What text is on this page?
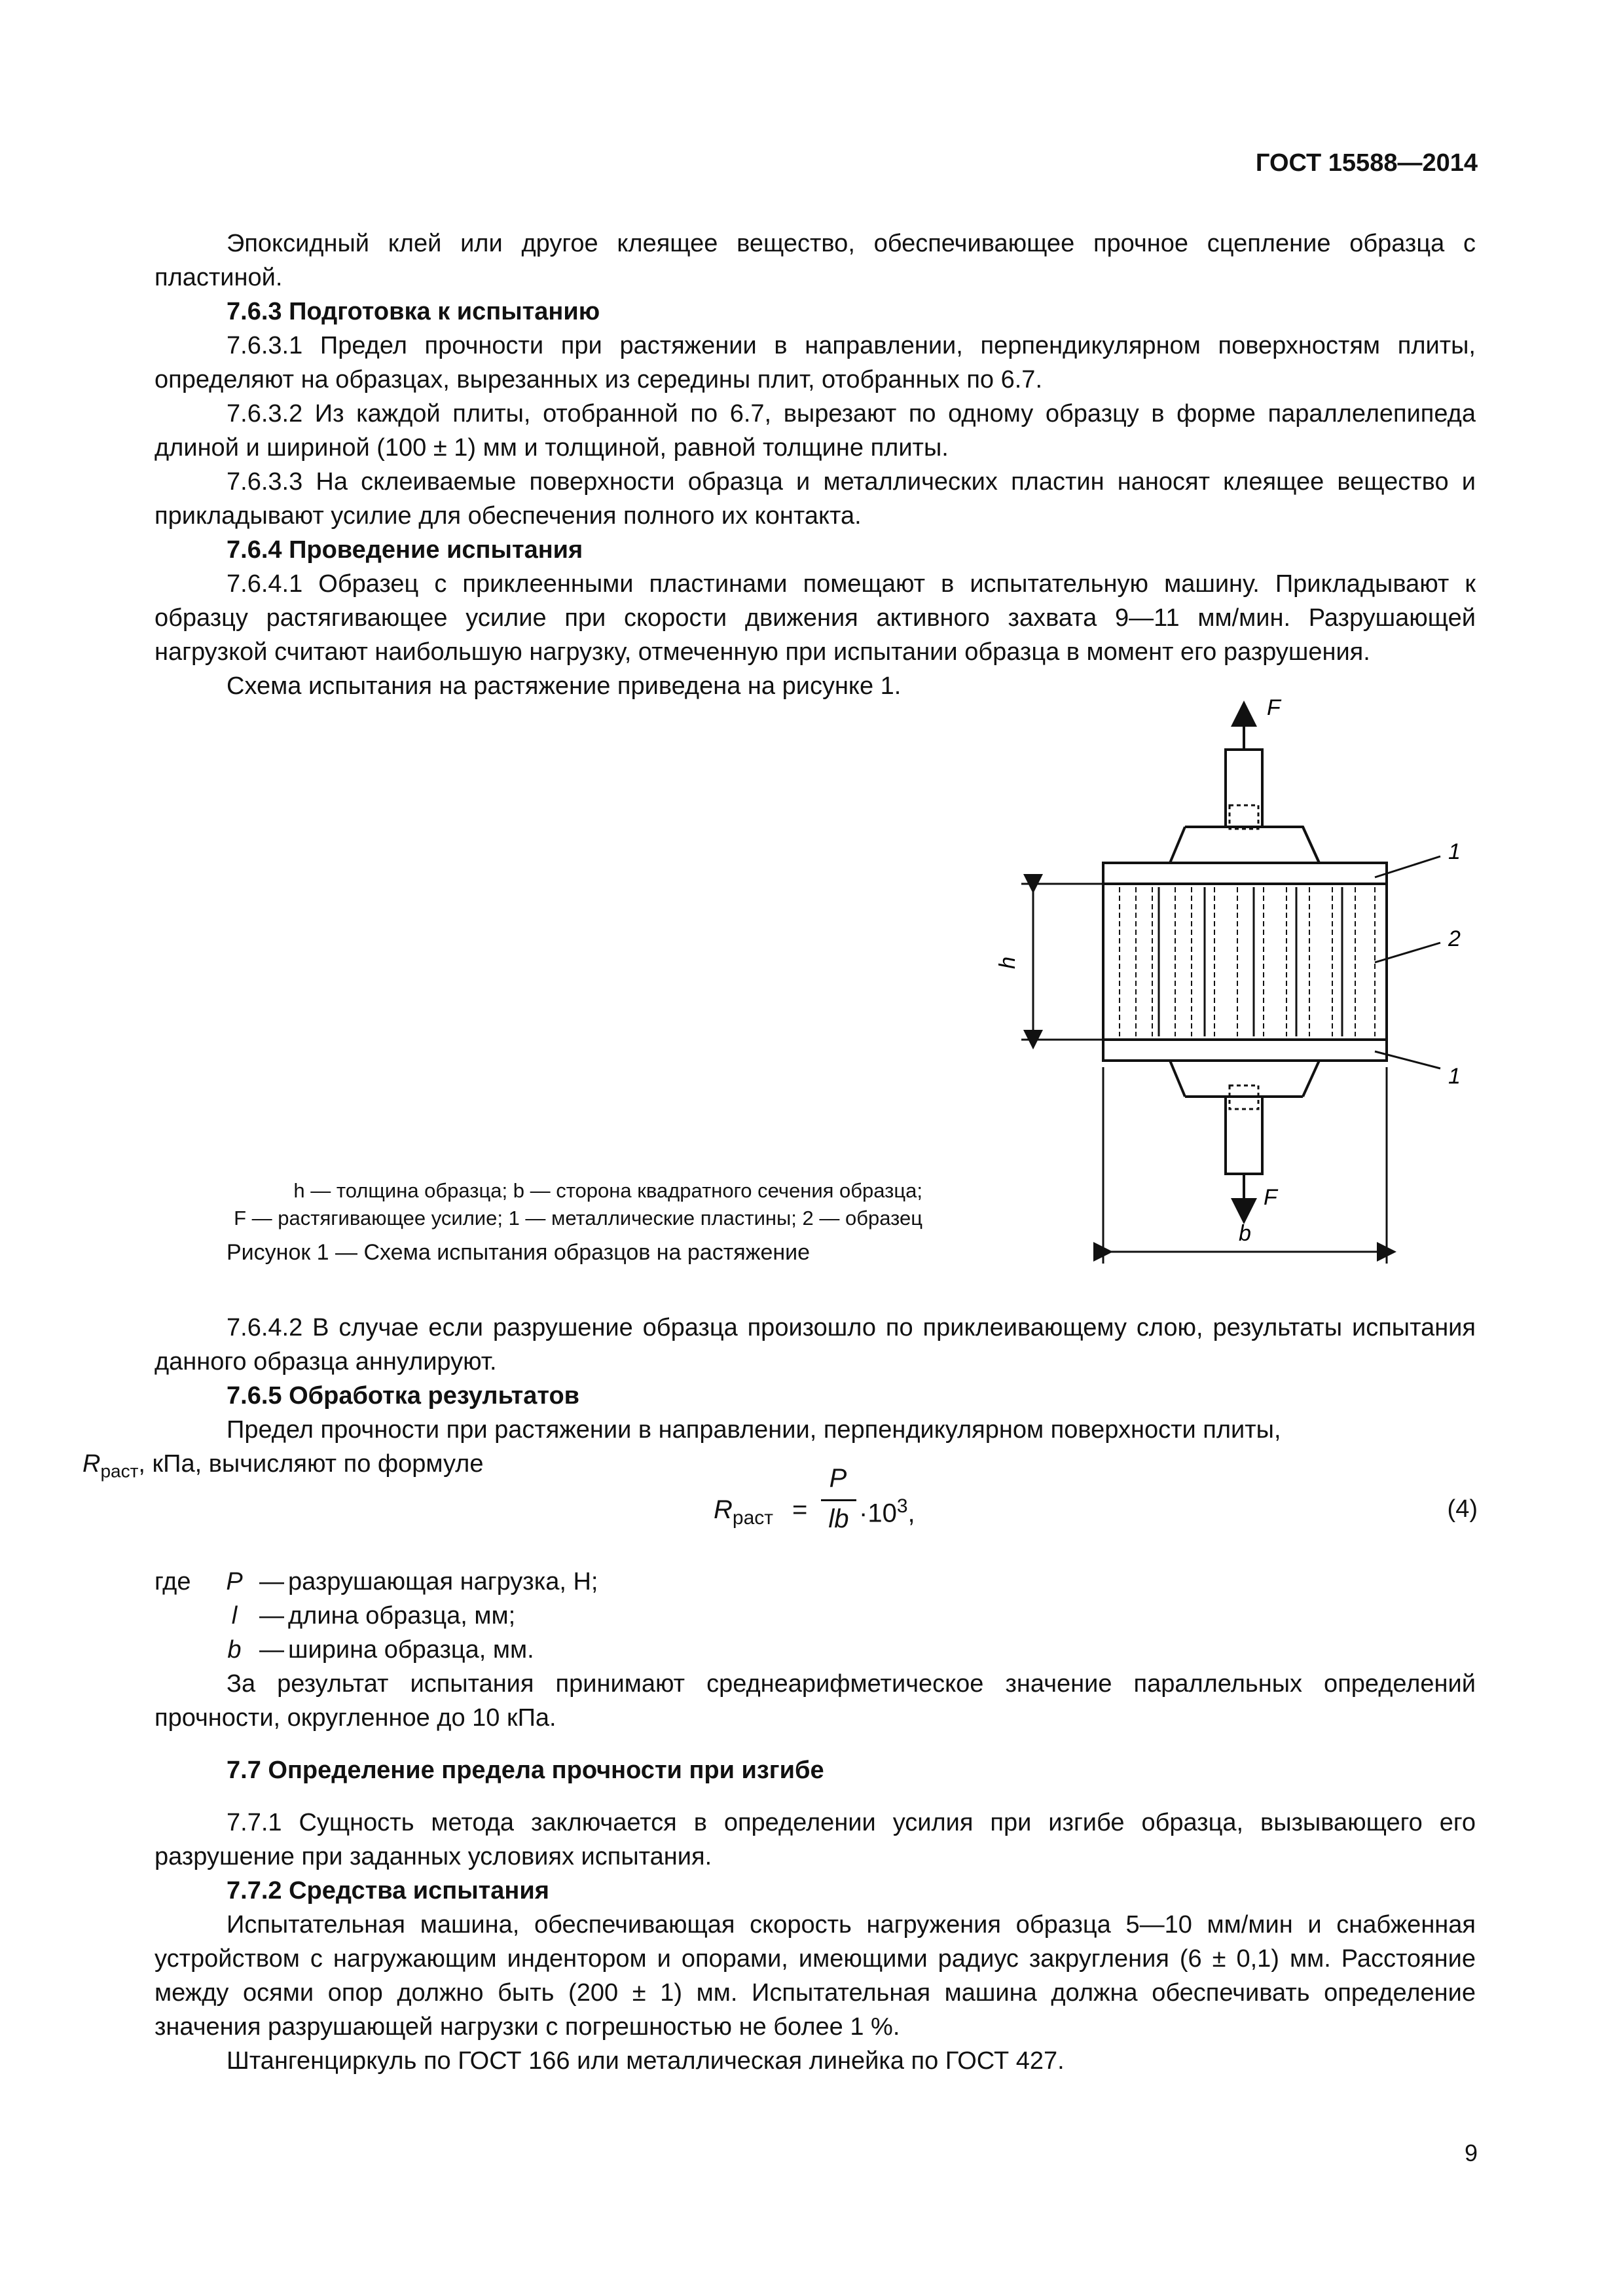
ГОСТ 15588—2014

Эпоксидный клей или другое клеящее вещество, обеспечивающее прочное сцепление образца с пластиной.

7.6.3 Подготовка к испытанию

7.6.3.1 Предел прочности при растяжении в направлении, перпендикулярном поверхностям плиты, определяют на образцах, вырезанных из середины плит, отобранных по 6.7.

7.6.3.2 Из каждой плиты, отобранной по 6.7, вырезают по одному образцу в форме параллелепипеда длиной и шириной (100 ± 1) мм и толщиной, равной толщине плиты.

7.6.3.3 На склеиваемые поверхности образца и металлических пластин наносят клеящее вещество и прикладывают усилие для обеспечения полного их контакта.

7.6.4 Проведение испытания

7.6.4.1 Образец с приклеенными пластинами помещают в испытательную машину. Прикладывают к образцу растягивающее усилие при скорости движения активного захвата 9—11 мм/мин. Разрушающей нагрузкой считают наибольшую нагрузку, отмеченную при испытании образца в момент его разрушения.

Схема испытания на растяжение приведена на рисунке 1.

F
1
2
1
F
h
b
h — толщина образца; b — сторона квадратного сечения образца;
F — растягивающее усилие; 1 — металлические пластины; 2 — образец
Рисунок 1 — Схема испытания образцов на растяжение

7.6.4.2 В случае если разрушение образца произошло по приклеивающему слою, результаты испытания данного образца аннулируют.

7.6.5 Обработка результатов

Предел прочности при растяжении в направлении, перпендикулярном поверхности плиты,
$R_{раст}$, кПа, вычисляют по формуле

$R_{раст}$ =
P
lb $\cdot 10^3$,	(4)
где	P — разрушающая нагрузка, Н;
l — длина образца, мм;
b — ширина образца, мм.

За результат испытания принимают среднеарифметическое значение параллельных определений прочности, округленное до 10 кПа.

7.7 Определение предела прочности при изгибе

7.7.1 Сущность метода заключается в определении усилия при изгибе образца, вызывающего его разрушение при заданных условиях испытания.

7.7.2 Средства испытания

Испытательная машина, обеспечивающая скорость нагружения образца 5—10 мм/мин и снабженная устройством с нагружающим индентором и опорами, имеющими радиус закругления (6 ± 0,1) мм. Расстояние между осями опор должно быть (200 ± 1) мм. Испытательная машина должна обеспечивать определение значения разрушающей нагрузки с погрешностью не более 1 %.

Штангенциркуль по ГОСТ 166 или металлическая линейка по ГОСТ 427.

9
